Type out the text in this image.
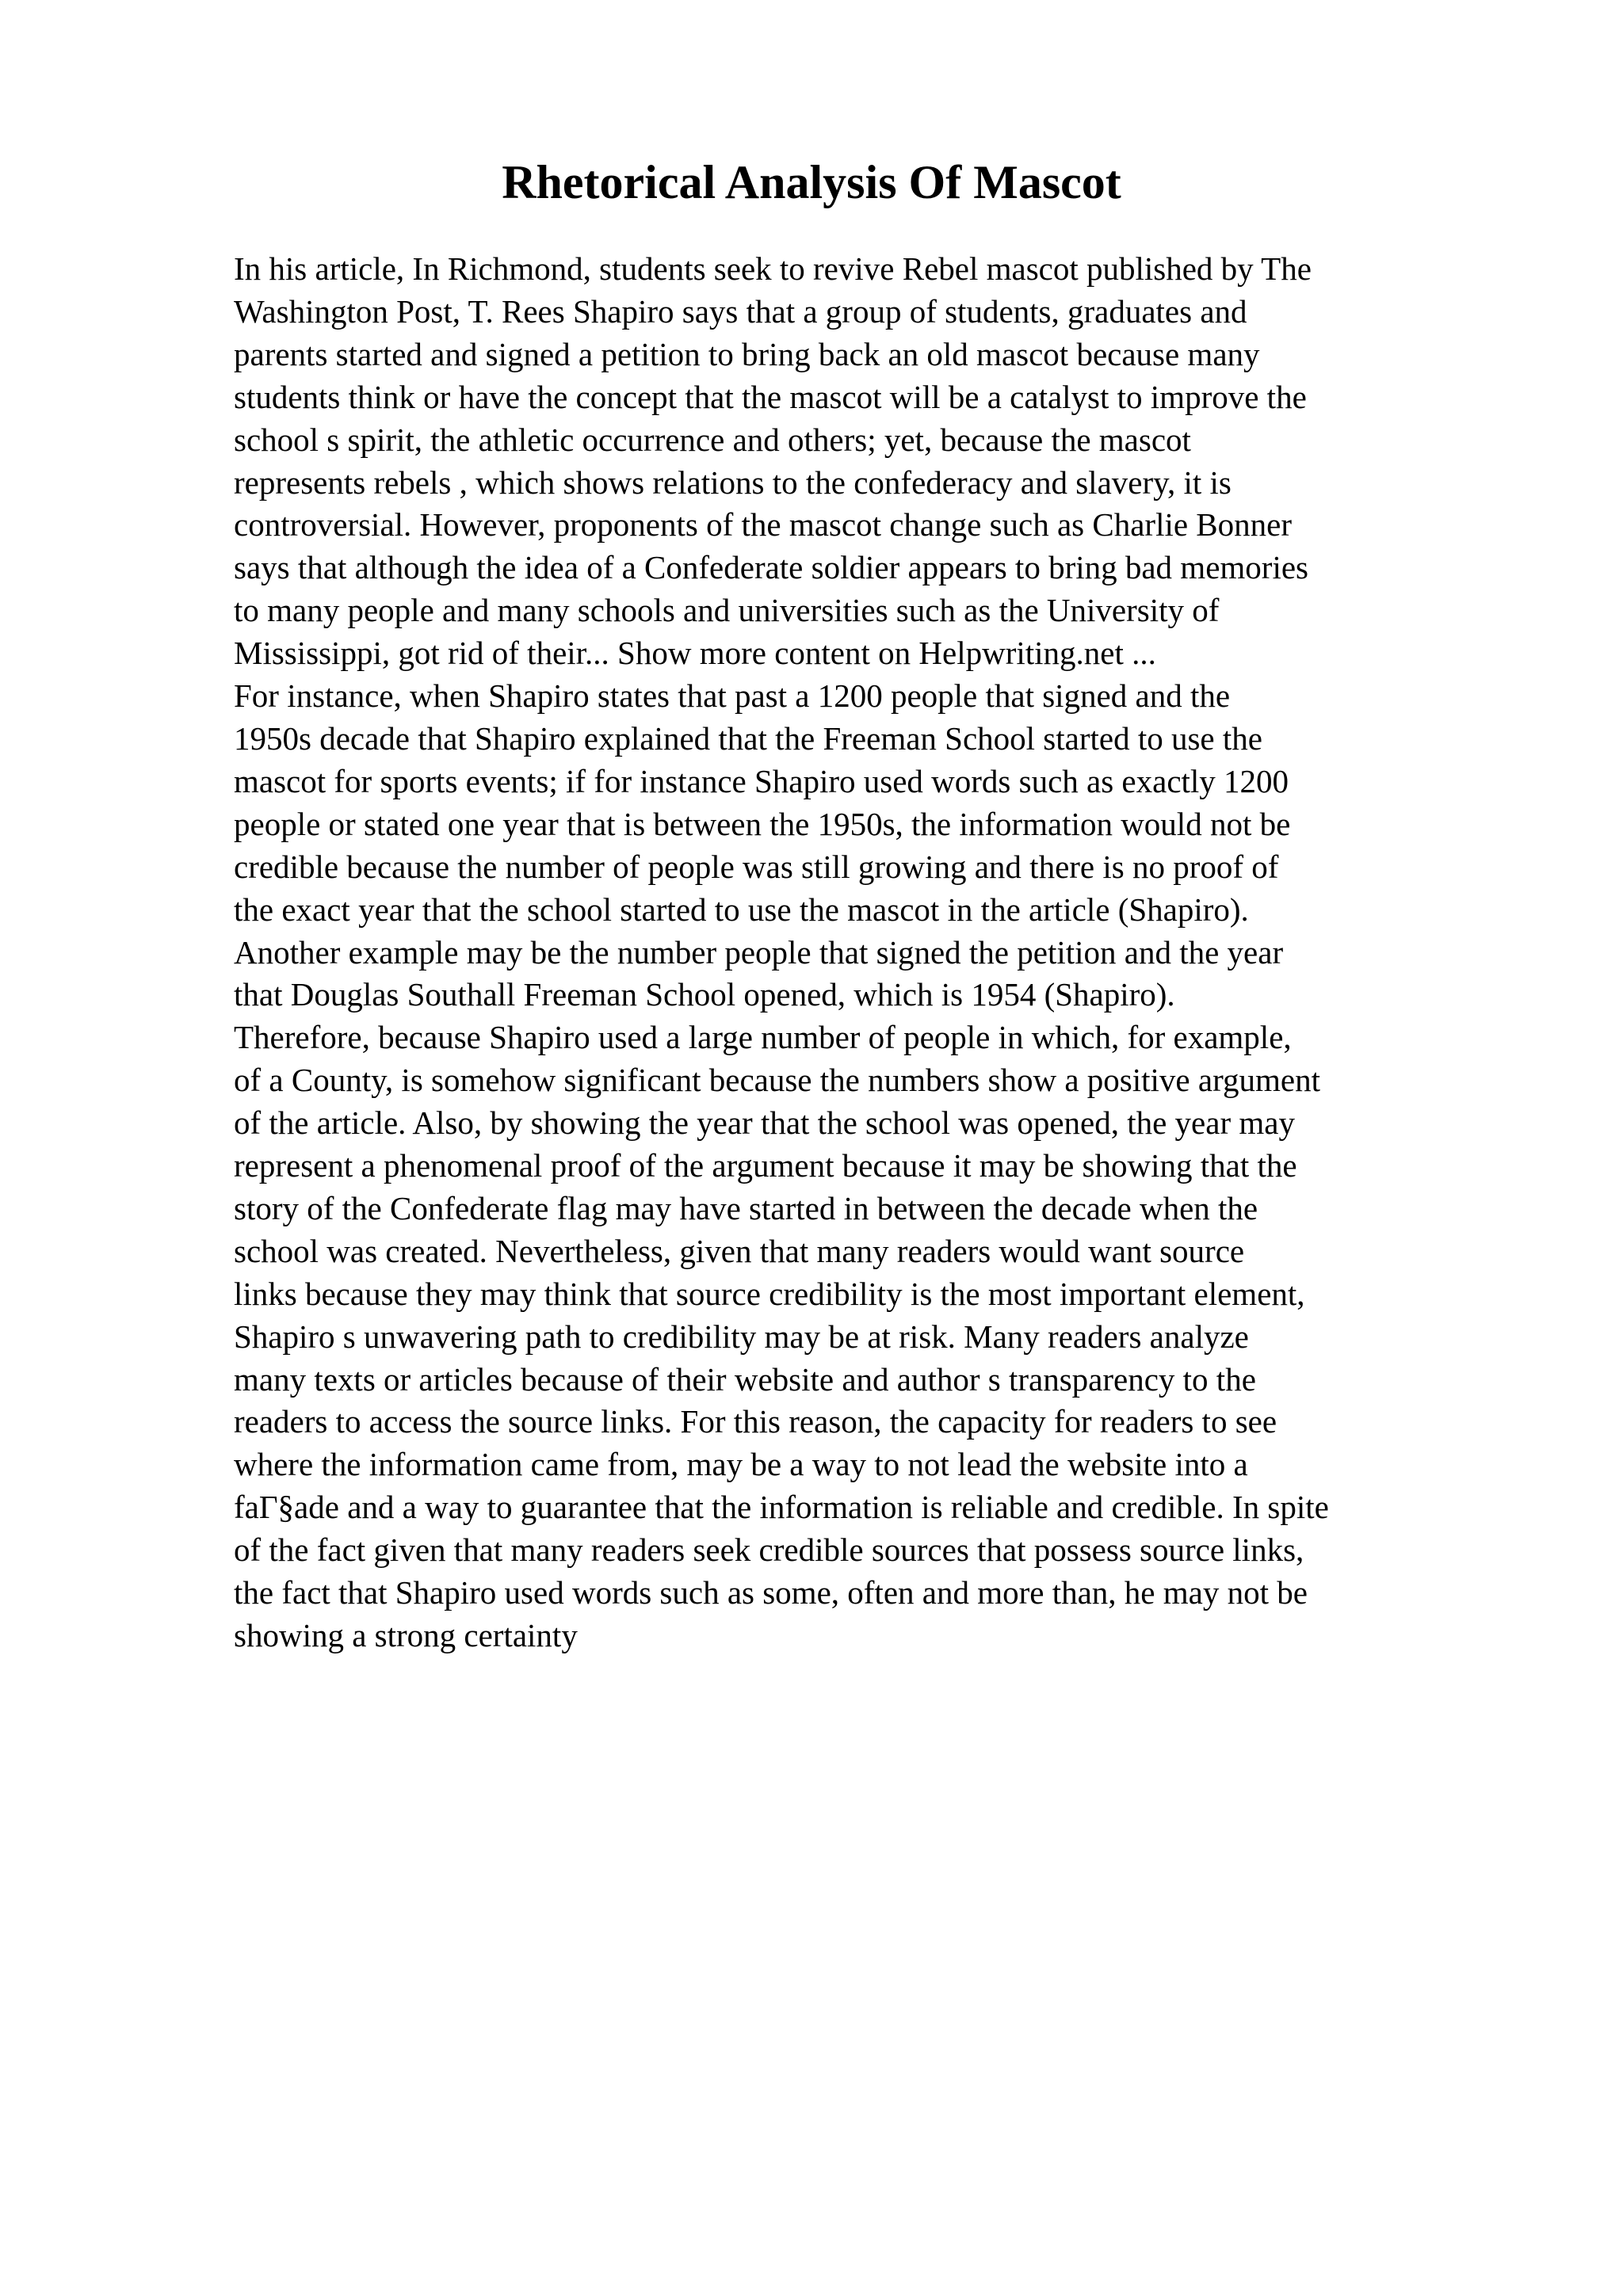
Rhetorical Analysis Of Mascot
In his article, In Richmond, students seek to revive Rebel mascot published by The
Washington Post, T. Rees Shapiro says that a group of students, graduates and
parents started and signed a petition to bring back an old mascot because many
students think or have the concept that the mascot will be a catalyst to improve the
school s spirit, the athletic occurrence and others; yet, because the mascot
represents rebels , which shows relations to the confederacy and slavery, it is
controversial. However, proponents of the mascot change such as Charlie Bonner
says that although the idea of a Confederate soldier appears to bring bad memories
to many people and many schools and universities such as the University of
Mississippi, got rid of their... Show more content on Helpwriting.net ...
For instance, when Shapiro states that past a 1200 people that signed and the
1950s decade that Shapiro explained that the Freeman School started to use the
mascot for sports events; if for instance Shapiro used words such as exactly 1200
people or stated one year that is between the 1950s, the information would not be
credible because the number of people was still growing and there is no proof of
the exact year that the school started to use the mascot in the article (Shapiro).
Another example may be the number people that signed the petition and the year
that Douglas Southall Freeman School opened, which is 1954 (Shapiro).
Therefore, because Shapiro used a large number of people in which, for example,
of a County, is somehow significant because the numbers show a positive argument
of the article. Also, by showing the year that the school was opened, the year may
represent a phenomenal proof of the argument because it may be showing that the
story of the Confederate flag may have started in between the decade when the
school was created. Nevertheless, given that many readers would want source
links because they may think that source credibility is the most important element,
Shapiro s unwavering path to credibility may be at risk. Many readers analyze
many texts or articles because of their website and author s transparency to the
readers to access the source links. For this reason, the capacity for readers to see
where the information came from, may be a way to not lead the website into a
faГ§ade and a way to guarantee that the information is reliable and credible. In spite
of the fact given that many readers seek credible sources that possess source links,
the fact that Shapiro used words such as some, often and more than, he may not be
showing a strong certainty
